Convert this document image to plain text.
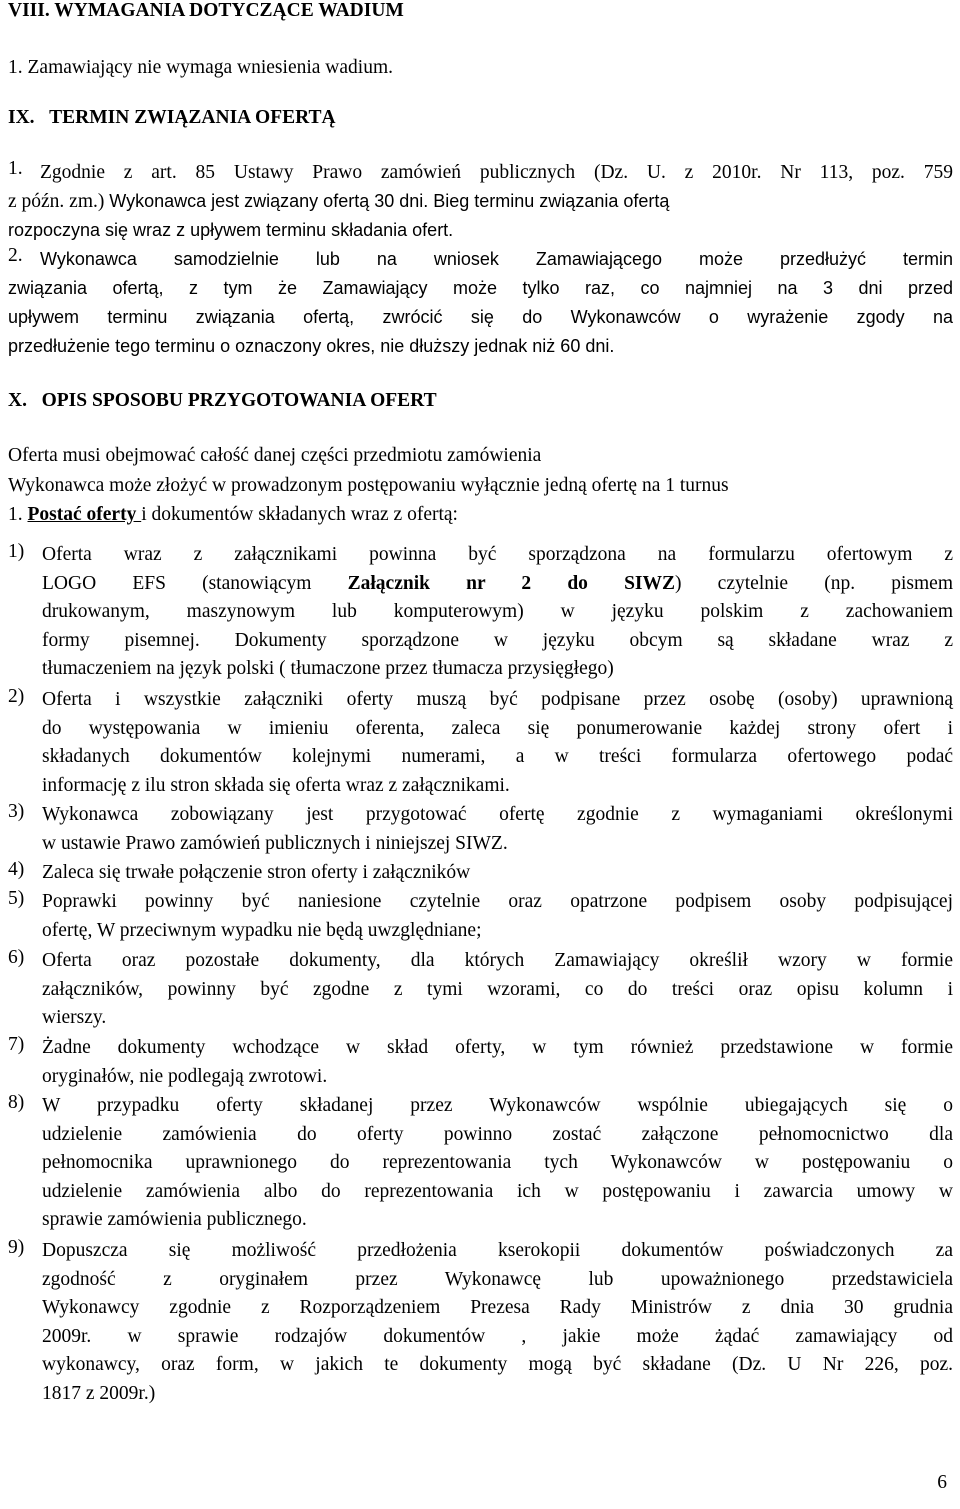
VIII. WYMAGANIA DOTYCZĄCE WADIUM
1. Zamawiający nie wymaga wniesienia wadium.
IX. TERMIN ZWIĄZANIA OFERTĄ
1. Zgodnie z art. 85 Ustawy Prawo zamówień publicznych (Dz. U. z 2010r. Nr 113, poz. 759
z późn. zm.) Wykonawca jest związany ofertą 30 dni. Bieg terminu związania ofertą
rozpoczyna się wraz z upływem terminu składania ofert.
2. Wykonawca samodzielnie lub na wniosek Zamawiającego może przedłużyć termin
związania ofertą, z tym że Zamawiający może tylko raz, co najmniej na 3 dni przed
upływem terminu związania ofertą, zwrócić się do Wykonawców o wyrażenie zgody na
przedłużenie tego terminu o oznaczony okres, nie dłuższy jednak niż 60 dni.
X. OPIS SPOSOBU PRZYGOTOWANIA OFERT
Oferta musi obejmować całość danej części przedmiotu zamówienia
Wykonawca może złożyć w prowadzonym postępowaniu wyłącznie jedną ofertę na 1 turnus
1. Postać oferty i dokumentów składanych wraz z ofertą:
1) Oferta wraz z załącznikami powinna być sporządzona na formularzu ofertowym z
LOGO EFS (stanowiącym Załącznik nr 2 do SIWZ) czytelnie (np. pismem
drukowanym, maszynowym lub komputerowym) w języku polskim z zachowaniem
formy pisemnej. Dokumenty sporządzone w języku obcym są składane wraz z
tłumaczeniem na język polski ( tłumaczone przez tłumacza przysięgłego)
2) Oferta i wszystkie załączniki oferty muszą być podpisane przez osobę (osoby) uprawnioną
do występowania w imieniu oferenta, zaleca się ponumerowanie każdej strony ofert i
składanych dokumentów kolejnymi numerami, a w treści formularza ofertowego podać
informację z ilu stron składa się oferta wraz z załącznikami.
3) Wykonawca zobowiązany jest przygotować ofertę zgodnie z wymaganiami określonymi
w ustawie Prawo zamówień publicznych i niniejszej SIWZ.
4) Zaleca się trwałe połączenie stron oferty i załączników
5) Poprawki powinny być naniesione czytelnie oraz opatrzone podpisem osoby podpisującej
ofertę, W przeciwnym wypadku nie będą uwzględniane;
6) Oferta oraz pozostałe dokumenty, dla których Zamawiający określił wzory w formie
załączników, powinny być zgodne z tymi wzorami, co do treści oraz opisu kolumn i
wierszy.
7) Żadne dokumenty wchodzące w skład oferty, w tym również przedstawione w formie
oryginałów, nie podlegają zwrotowi.
8) W przypadku oferty składanej przez Wykonawców wspólnie ubiegających się o
udzielenie zamówienia do oferty powinno zostać załączone pełnomocnictwo dla
pełnomocnika uprawnionego do reprezentowania tych Wykonawców w postępowaniu o
udzielenie zamówienia albo do reprezentowania ich w postępowaniu i zawarcia umowy w
sprawie zamówienia publicznego.
9) Dopuszcza się możliwość przedłożenia kserokopii dokumentów poświadczonych za
zgodność z oryginałem przez Wykonawcę lub upoważnionego przedstawiciela
Wykonawcy zgodnie z Rozporządzeniem Prezesa Rady Ministrów z dnia 30 grudnia
2009r. w sprawie rodzajów dokumentów , jakie może żądać zamawiający od
wykonawcy, oraz form, w jakich te dokumenty mogą być składane (Dz. U Nr 226, poz.
1817 z 2009r.)
6
